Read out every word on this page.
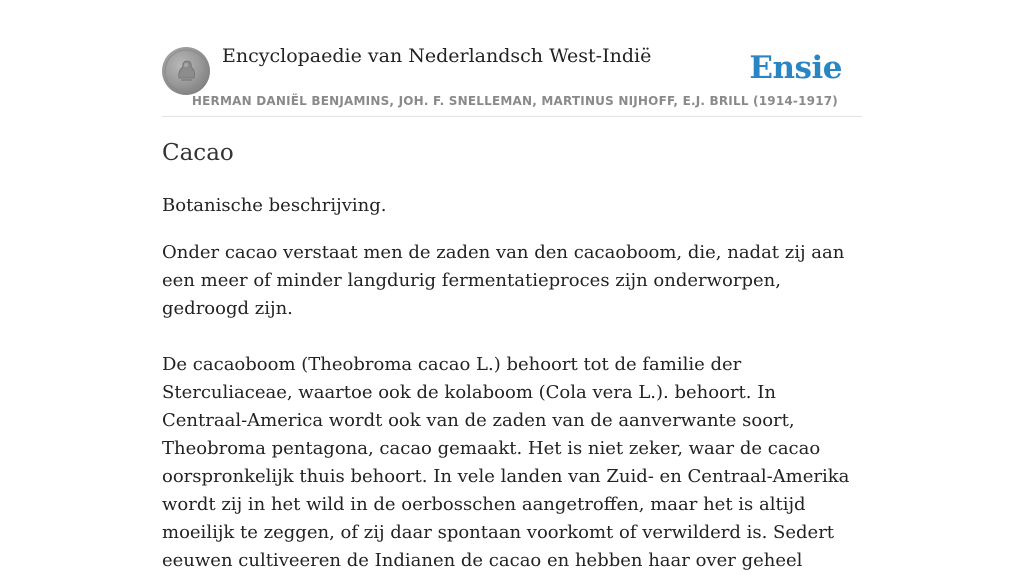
Encyclopaedie van Nederlandsch West-Indië	Ensie
HERMAN DANIËL BENJAMINS, JOH. F. SNELLEMAN, MARTINUS NIJHOFF, E.J. BRILL (1914-1917)
Cacao

Botanische beschrijving.

Onder cacao verstaat men de zaden van den cacaoboom, die, nadat zij aan een meer of minder langdurig fermentatieproces zijn onderworpen, gedroogd zijn.

De cacaoboom (Theobroma cacao L.) behoort tot de familie der Sterculiaceae, waartoe ook de kolaboom (Cola vera L.). behoort. In Centraal-America wordt ook van de zaden van de aanverwante soort, Theobroma pentagona, cacao gemaakt. Het is niet zeker, waar de cacao oorspronkelijk thuis behoort. In vele landen van Zuid- en Centraal-Amerika wordt zij in het wild in de oerbosschen aangetroffen, maar het is altijd moeilijk te zeggen, of zij daar spontaan voorkomt of verwilderd is. Sedert eeuwen cultiveeren de Indianen de cacao en hebben haar over geheel
